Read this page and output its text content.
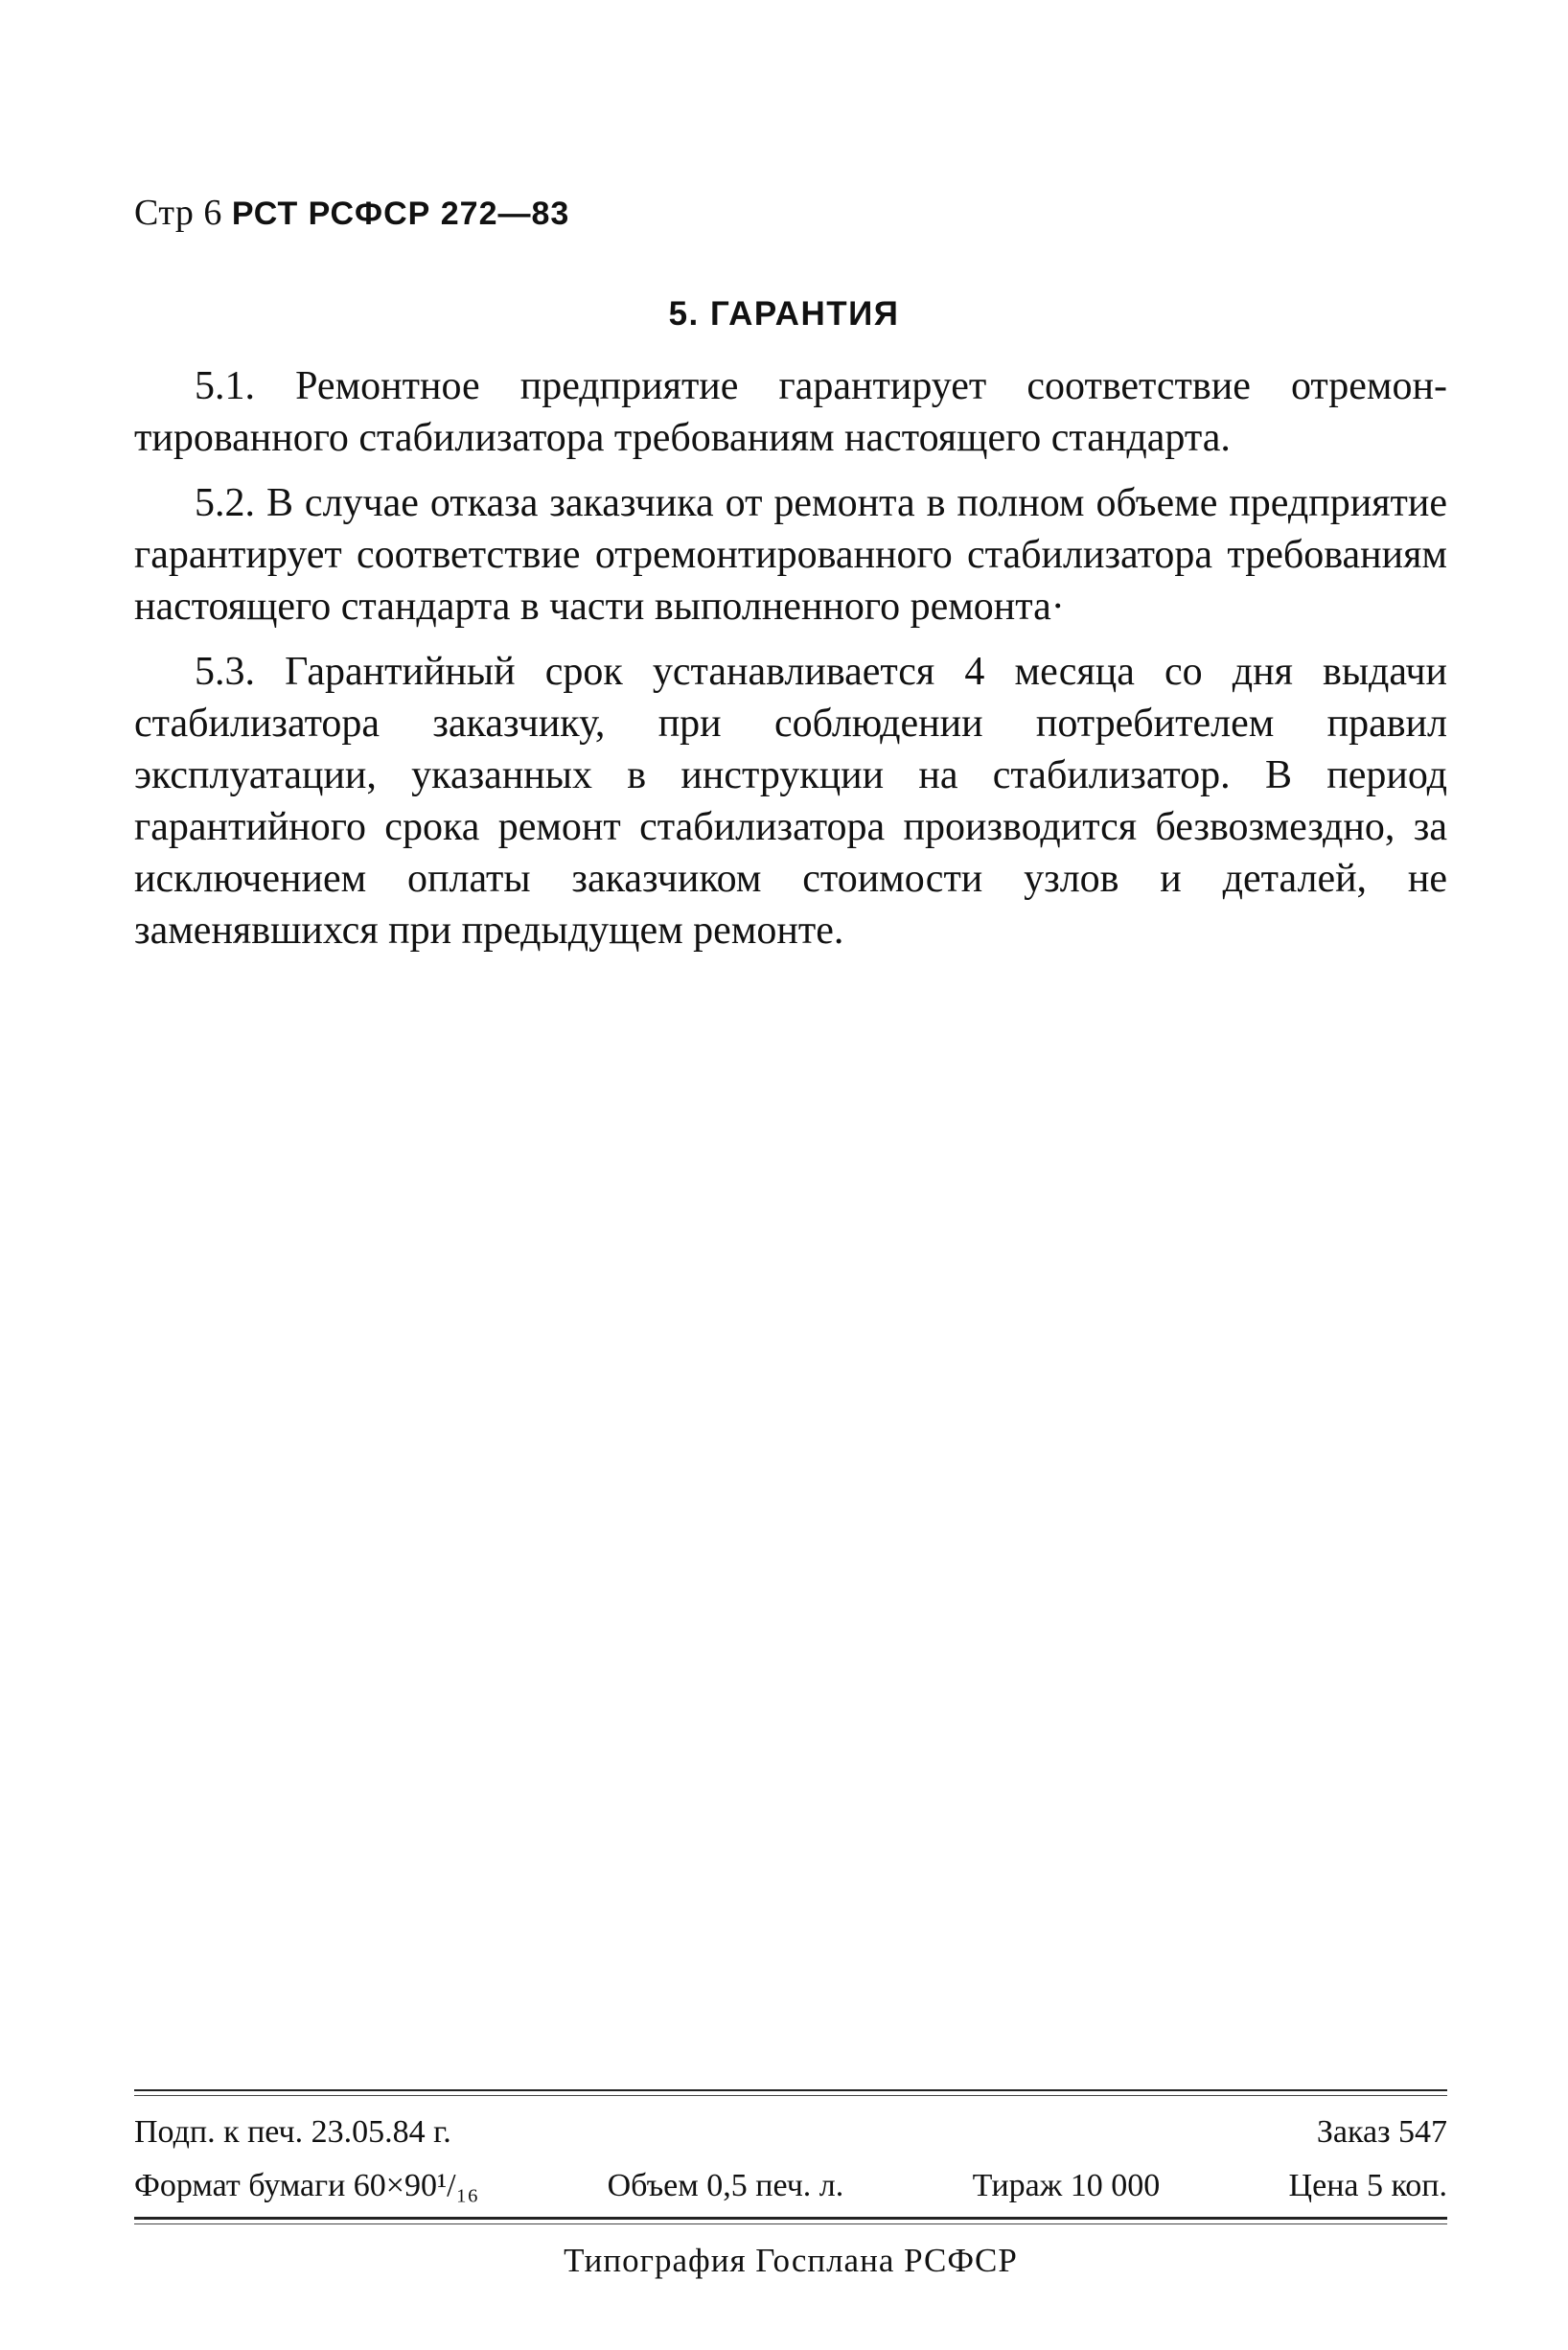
Стр 6 РСТ РСФСР 272—83
5. ГАРАНТИЯ

5.1. Ремонтное предприятие гарантирует соответствие отремонтированного стабилизатора требованиям настоящего стандарта.

5.2. В случае отказа заказчика от ремонта в полном объеме предприятие гарантирует соответствие отремонтированного стабилизатора требованиям настоящего стандарта в части выполненного ремонта·

5.3. Гарантийный срок устанавливается 4 месяца со дня выдачи стабилизатора заказчику, при соблюдении потребителем правил эксплуатации, указанных в инструкции на стабилизатор. В период гарантийного срока ремонт стабилизатора производится безвозмездно, за исключением оплаты заказчиком стоимости узлов и деталей, не заменявшихся при предыдущем ремонте.

Подп. к печ. 23.05.84 г.	Заказ 547
Формат бумаги 60×90¹/₁₆	Объем 0,5 печ. л.	Тираж 10 000	Цена 5 коп.
Типография Госплана РСФСР
